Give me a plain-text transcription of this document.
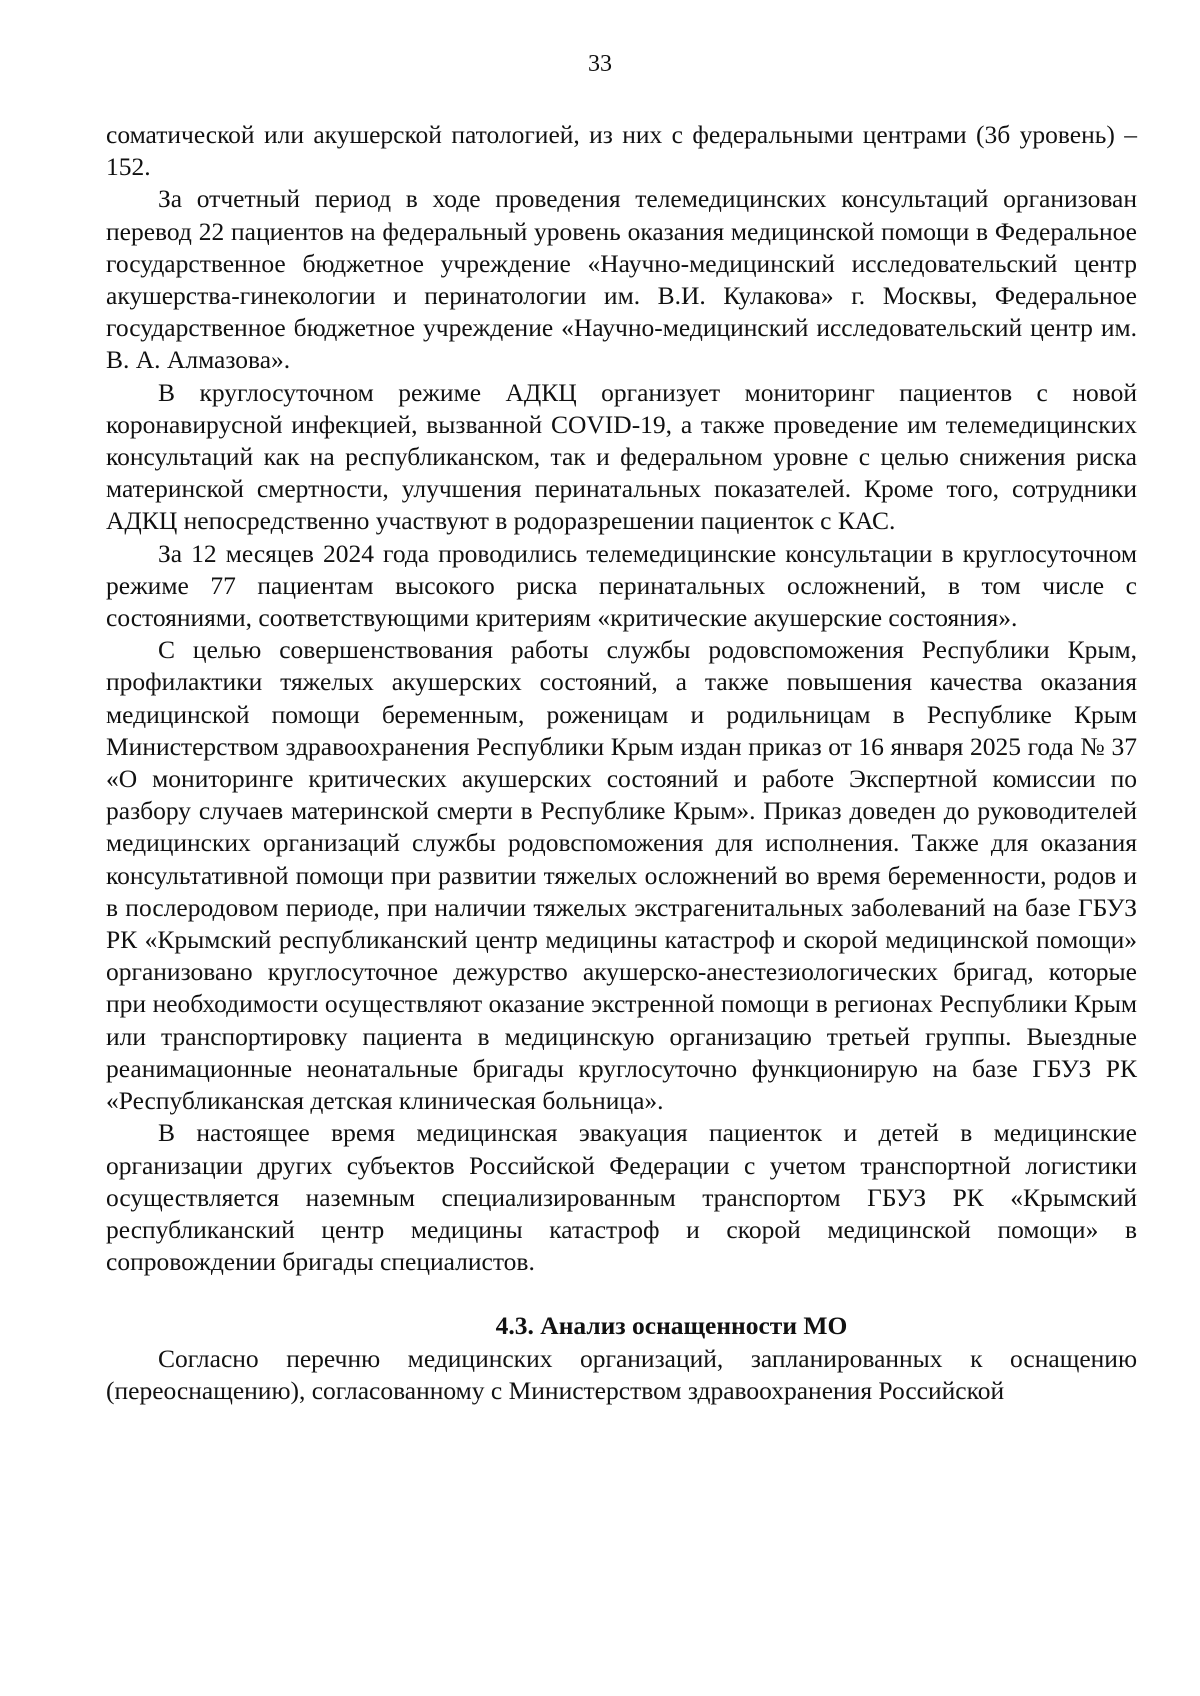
33

соматической или акушерской патологией, из них с федеральными центрами (3б уровень) –152.

За отчетный период в ходе проведения телемедицинских консультаций организован перевод 22 пациентов на федеральный уровень оказания медицинской помощи в Федеральное государственное бюджетное учреждение «Научно-медицинский исследовательский центр акушерства-гинекологии и перинатологии им. В.И. Кулакова» г. Москвы, Федеральное государственное бюджетное учреждение «Научно-медицинский исследовательский центр им. В. А. Алмазова».

В круглосуточном режиме АДКЦ организует мониторинг пациентов с новой коронавирусной инфекцией, вызванной COVID-19, а также проведение им телемедицинских консультаций как на республиканском, так и федеральном уровне с целью снижения риска материнской смертности, улучшения перинатальных показателей. Кроме того, сотрудники АДКЦ непосредственно участвуют в родоразрешении пациенток с КАС.

За 12 месяцев 2024 года проводились телемедицинские консультации в круглосуточном режиме 77 пациентам высокого риска перинатальных осложнений, в том числе с состояниями, соответствующими критериям «критические акушерские состояния».

С целью совершенствования работы службы родовспоможения Республики Крым, профилактики тяжелых акушерских состояний, а также повышения качества оказания медицинской помощи беременным, роженицам и родильницам в Республике Крым Министерством здравоохранения Республики Крым издан приказ от 16 января 2025 года № 37 «О мониторинге критических акушерских состояний и работе Экспертной комиссии по разбору случаев материнской смерти в Республике Крым». Приказ доведен до руководителей медицинских организаций службы родовспоможения для исполнения. Также для оказания консультативной помощи при развитии тяжелых осложнений во время беременности, родов и в послеродовом периоде, при наличии тяжелых экстрагенитальных заболеваний на базе ГБУЗ РК «Крымский республиканский центр медицины катастроф и скорой медицинской помощи» организовано круглосуточное дежурство акушерско-анестезиологических бригад, которые при необходимости осуществляют оказание экстренной помощи в регионах Республики Крым или транспортировку пациента в медицинскую организацию третьей группы. Выездные реанимационные неонатальные бригады круглосуточно функционирую на базе ГБУЗ РК «Республиканская детская клиническая больница».

В настоящее время медицинская эвакуация пациенток и детей в медицинские организации других субъектов Российской Федерации с учетом транспортной логистики осуществляется наземным специализированным транспортом ГБУЗ РК «Крымский республиканский центр медицины катастроф и скорой медицинской помощи» в сопровождении бригады специалистов.

4.3. Анализ оснащенности МО

Согласно перечню медицинских организаций, запланированных к оснащению (переоснащению), согласованному с Министерством здравоохранения Российской
